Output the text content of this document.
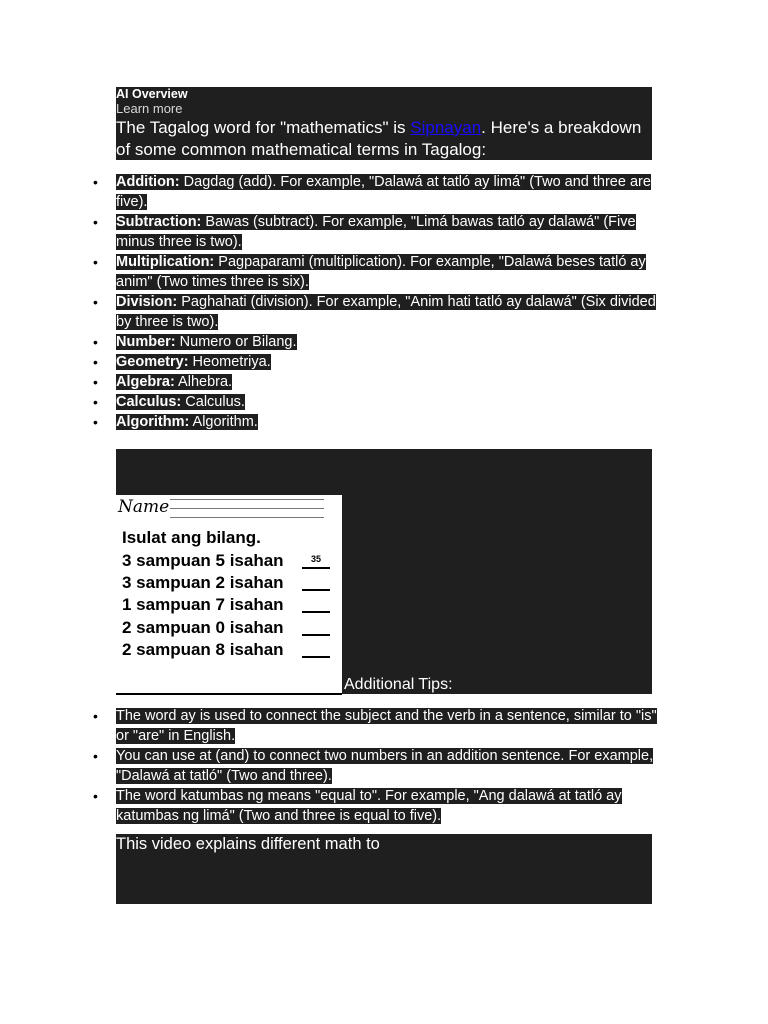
AI Overview
Learn more
The Tagalog word for "mathematics" is Sipnayan. Here's a breakdown of some common mathematical terms in Tagalog:
• Addition: Dagdag (add). For example, "Dalawá at tatló ay limá" (Two and three are five).
• Subtraction: Bawas (subtract). For example, "Limá bawas tatló ay dalawá" (Five minus three is two).
• Multiplication: Pagpaparami (multiplication). For example, "Dalawá beses tatló ay anim" (Two times three is six).
• Division: Paghahati (division). For example, "Anim hati tatló ay dalawá" (Six divided by three is two).
• Number: Numero or Bilang.
• Geometry: Heometriya.
• Algebra: Alhebra.
• Calculus: Calculus.
• Algorithm: Algorithm.
Name
Isulat ang bilang.
3 sampuan 5 isahan	35
3 sampuan 2 isahan
1 sampuan 7 isahan
2 sampuan 0 isahan
2 sampuan 8 isahan
Additional Tips:
• The word ay is used to connect the subject and the verb in a sentence, similar to "is" or "are" in English.
• You can use at (and) to connect two numbers in an addition sentence. For example, "Dalawá at tatló" (Two and three).
• The word katumbas ng means "equal to". For example, "Ang dalawá at tatló ay katumbas ng limá" (Two and three is equal to five).
This video explains different math to
